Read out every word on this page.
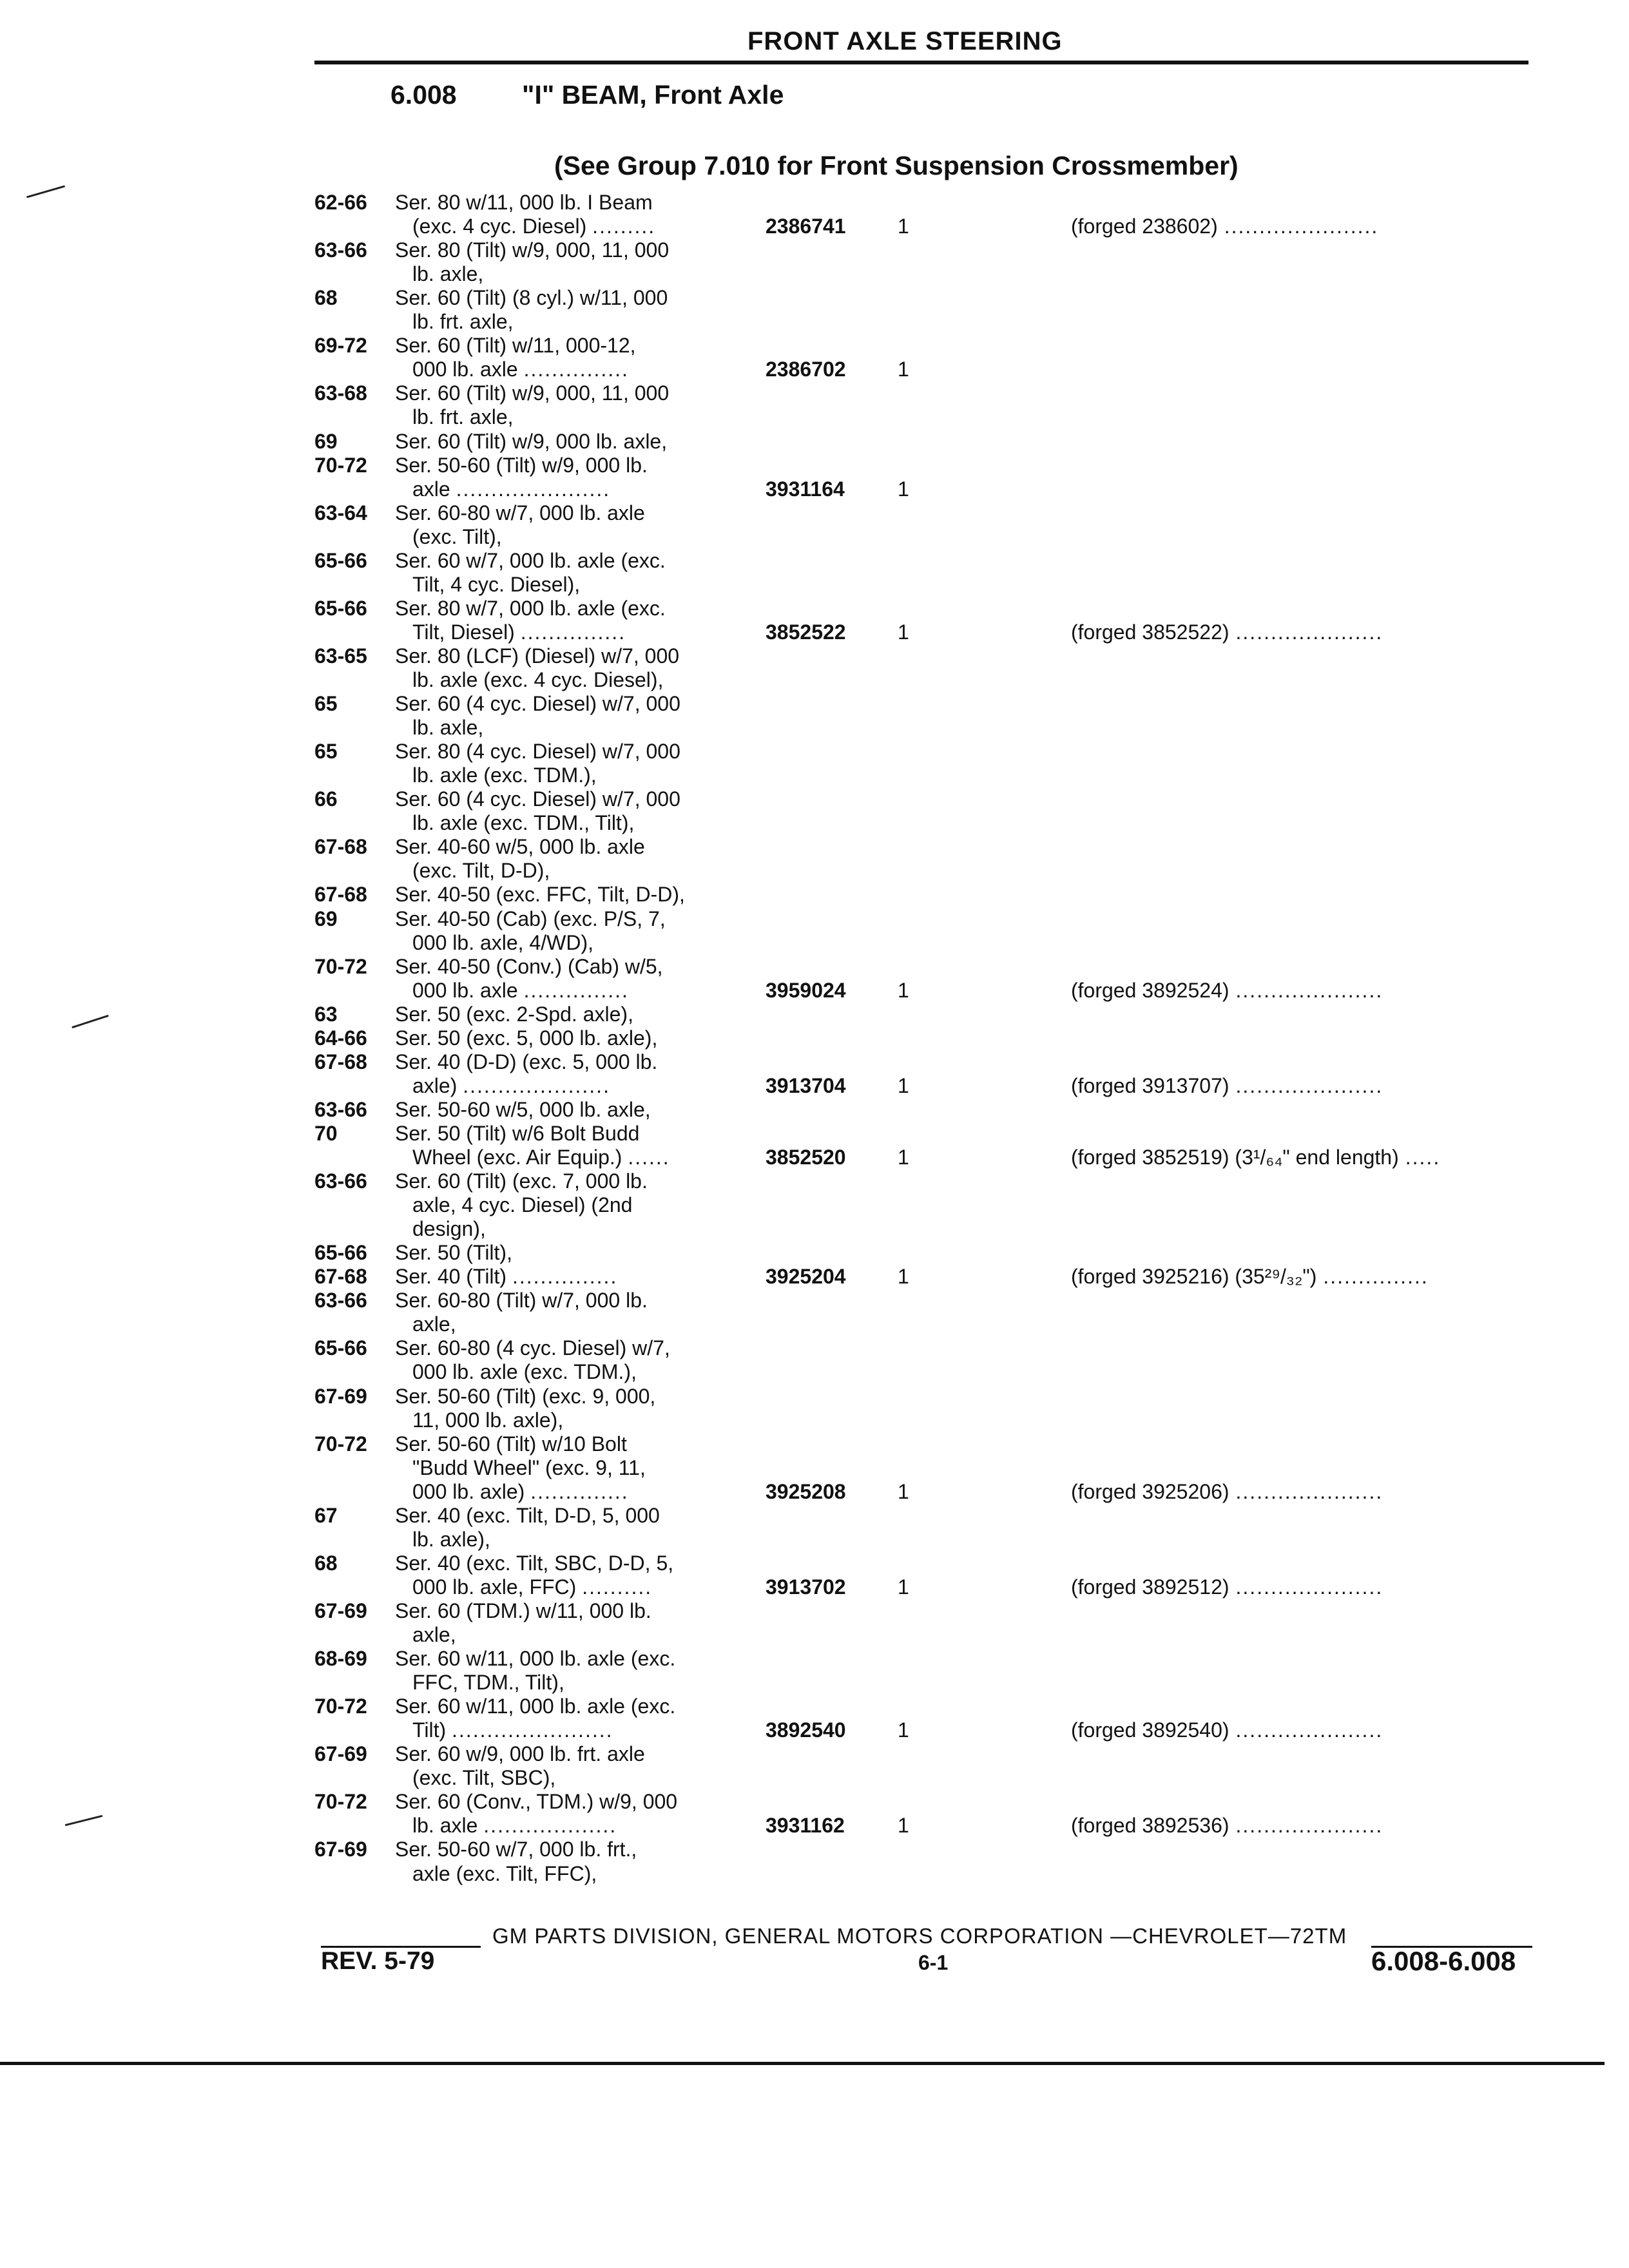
FRONT AXLE STEERING
6.008 "I" BEAM, Front Axle
(See Group 7.010 for Front Suspension Crossmember)
62-66 Ser. 80 w/11, 000 lb. I Beam
(exc. 4 cyc. Diesel) .........	2386741	1	(forged 238602) ......................
63-66 Ser. 80 (Tilt) w/9, 000, 11, 000
lb. axle,
68	Ser. 60 (Tilt) (8 cyl.) w/11, 000
lb. frt. axle,
69-72 Ser. 60 (Tilt) w/11, 000-12,
000 lb. axle ...............	2386702	1
63-68 Ser. 60 (Tilt) w/9, 000, 11, 000
lb. frt. axle,
69	Ser. 60 (Tilt) w/9, 000 lb. axle,
70-72 Ser. 50-60 (Tilt) w/9, 000 lb.
axle ......................	3931164	1
63-64 Ser. 60-80 w/7, 000 lb. axle
(exc. Tilt),
65-66 Ser. 60 w/7, 000 lb. axle (exc.
Tilt, 4 cyc. Diesel),
65-66 Ser. 80 w/7, 000 lb. axle (exc.
Tilt, Diesel) ...............	3852522	1	(forged 3852522) .....................
63-65 Ser. 80 (LCF) (Diesel) w/7, 000
lb. axle (exc. 4 cyc. Diesel),
65	Ser. 60 (4 cyc. Diesel) w/7, 000
lb. axle,
65	Ser. 80 (4 cyc. Diesel) w/7, 000
lb. axle (exc. TDM.),
66	Ser. 60 (4 cyc. Diesel) w/7, 000
lb. axle (exc. TDM., Tilt),
67-68 Ser. 40-60 w/5, 000 lb. axle
(exc. Tilt, D-D),
67-68 Ser. 40-50 (exc. FFC, Tilt, D-D),
69	Ser. 40-50 (Cab) (exc. P/S, 7,
000 lb. axle, 4/WD),
70-72 Ser. 40-50 (Conv.) (Cab) w/5,
000 lb. axle ...............	3959024	1	(forged 3892524) .....................
63	Ser. 50 (exc. 2-Spd. axle),
64-66 Ser. 50 (exc. 5, 000 lb. axle),
67-68 Ser. 40 (D-D) (exc. 5, 000 lb.
axle) .....................	3913704	1	(forged 3913707) .....................
63-66 Ser. 50-60 w/5, 000 lb. axle,
70	Ser. 50 (Tilt) w/6 Bolt Budd
Wheel (exc. Air Equip.) ......	3852520	1	(forged 3852519) (3¹/₆₄" end length) .....
63-66 Ser. 60 (Tilt) (exc. 7, 000 lb.
axle, 4 cyc. Diesel) (2nd
design),
65-66 Ser. 50 (Tilt),
67-68 Ser. 40 (Tilt) ...............	3925204	1	(forged 3925216) (35²⁹/₃₂") ...............
63-66 Ser. 60-80 (Tilt) w/7, 000 lb.
axle,
65-66 Ser. 60-80 (4 cyc. Diesel) w/7,
000 lb. axle (exc. TDM.),
67-69 Ser. 50-60 (Tilt) (exc. 9, 000,
11, 000 lb. axle),
70-72 Ser. 50-60 (Tilt) w/10 Bolt
"Budd Wheel" (exc. 9, 11,
000 lb. axle) ..............	3925208	1	(forged 3925206) .....................
67	Ser. 40 (exc. Tilt, D-D, 5, 000
lb. axle),
68	Ser. 40 (exc. Tilt, SBC, D-D, 5,
000 lb. axle, FFC) ..........	3913702	1	(forged 3892512) .....................
67-69 Ser. 60 (TDM.) w/11, 000 lb.
axle,
68-69 Ser. 60 w/11, 000 lb. axle (exc.
FFC, TDM., Tilt),
70-72 Ser. 60 w/11, 000 lb. axle (exc.
Tilt) .......................	3892540	1	(forged 3892540) .....................
67-69 Ser. 60 w/9, 000 lb. frt. axle
(exc. Tilt, SBC),
70-72 Ser. 60 (Conv., TDM.) w/9, 000
lb. axle ...................	3931162	1	(forged 3892536) .....................
67-69 Ser. 50-60 w/7, 000 lb. frt.,
axle (exc. Tilt, FFC),
GM PARTS DIVISION, GENERAL MOTORS CORPORATION —CHEVROLET—72TM
REV. 5-79	6-1	6.008-6.008
